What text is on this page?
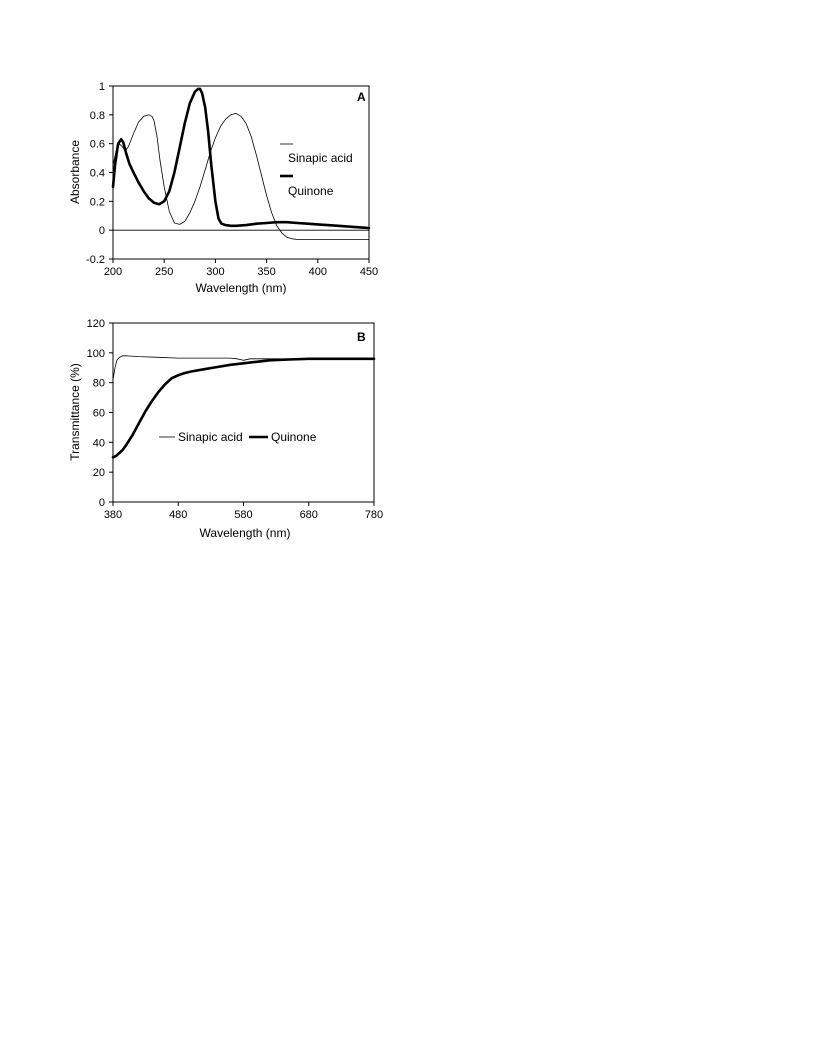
-0.2
0
0.2
0.4
0.6
0.8
1
200	250	300	350	400	450
A
Wavelength (nm)
Absorbance	Sinapic acid
Quinone
0
20
40
60
80
100
120
380	480	580	680	780
B
Wavelength (nm)
Transmittance (%)	Sinapic acid Quinone
